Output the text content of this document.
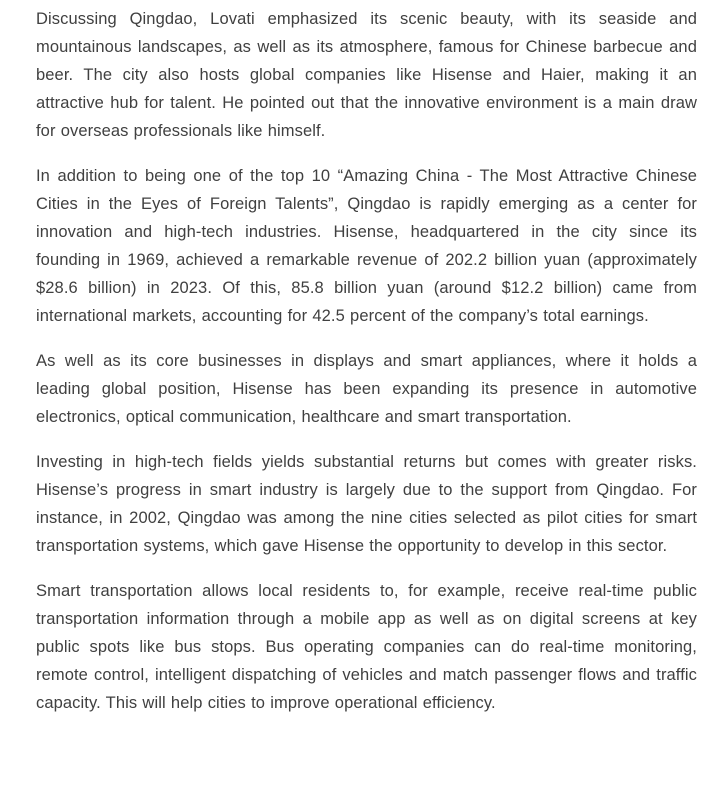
Discussing Qingdao, Lovati emphasized its scenic beauty, with its seaside and mountainous landscapes, as well as its atmosphere, famous for Chinese barbecue and beer. The city also hosts global companies like Hisense and Haier, making it an attractive hub for talent. He pointed out that the innovative environment is a main draw for overseas professionals like himself.

In addition to being one of the top 10 “Amazing China - The Most Attractive Chinese Cities in the Eyes of Foreign Talents”, Qingdao is rapidly emerging as a center for innovation and high-tech industries. Hisense, headquartered in the city since its founding in 1969, achieved a remarkable revenue of 202.2 billion yuan (approximately $28.6 billion) in 2023. Of this, 85.8 billion yuan (around $12.2 billion) came from international markets, accounting for 42.5 percent of the company’s total earnings.

As well as its core businesses in displays and smart appliances, where it holds a leading global position, Hisense has been expanding its presence in automotive electronics, optical communication, healthcare and smart transportation.

Investing in high-tech fields yields substantial returns but comes with greater risks. Hisense’s progress in smart industry is largely due to the support from Qingdao. For instance, in 2002, Qingdao was among the nine cities selected as pilot cities for smart transportation systems, which gave Hisense the opportunity to develop in this sector.

Smart transportation allows local residents to, for example, receive real-time public transportation information through a mobile app as well as on digital screens at key public spots like bus stops. Bus operating companies can do real-time monitoring, remote control, intelligent dispatching of vehicles and match passenger flows and traffic capacity. This will help cities to improve operational efficiency.
